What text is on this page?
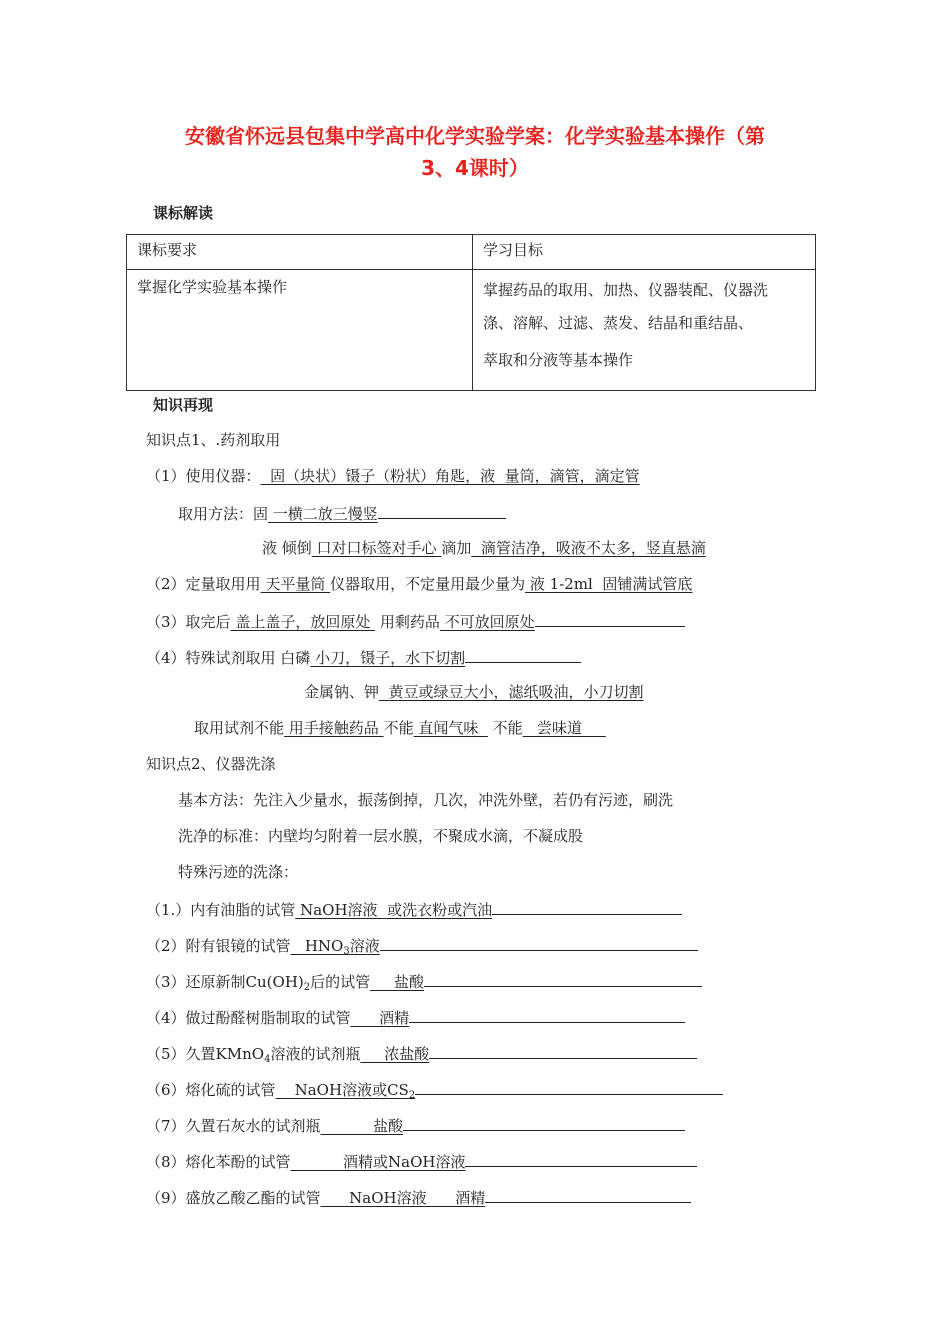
安徽省怀远县包集中学高中化学实验学案：化学实验基本操作（第
3、4课时）
课标解读
课标要求	学习目标
掌握化学实验基本操作	掌握药品的取用、加热、仪器装配、仪器洗
涤、溶解、过滤、蒸发、结晶和重结晶、
萃取和分液等基本操作
知识再现
知识点1、.药剂取用
（1）使用仪器：  固（块状）镊子（粉状）角匙，液  量筒，滴管，滴定管
取用方法：固 一横二放三慢竖
液 倾倒 口对口标签对手心 滴加  滴管洁净，吸液不太多，竖直悬滴
（2）定量取用用 天平量筒 仪器取用，不定量用最少量为 液 1-2ml  固铺满试管底
（3）取完后 盖上盖子，放回原处  用剩药品 不可放回原处
（4）特殊试剂取用 白磷 小刀，镊子，水下切割
金属钠、钾  黄豆或绿豆大小，滤纸吸油，小刀切割
取用试剂不能 用手接触药品 不能 直闻气味   不能   尝味道
知识点2、仪器洗涤
基本方法：先注入少量水，振荡倒掉，几次，冲洗外壁，若仍有污迹，刷洗
洗净的标准：内壁均匀附着一层水膜，不聚成水滴，不凝成股
特殊污迹的洗涤：
（1.）内有油脂的试管 NaOH溶液  或洗衣粉或汽油
（2）附有银镜的试管   $HNO_3$溶液
（3）还原新制$Cu(OH)_2$后的试管     盐酸
（4）做过酚醛树脂制取的试管      酒精
（5）久置KMnO$_4$溶液的试剂瓶     浓盐酸
（6）熔化硫的试管    NaOH溶液或$CS_2$
（7）久置石灰水的试剂瓶           盐酸
（8）熔化苯酚的试管           酒精或NaOH溶液
（9）盛放乙酸乙酯的试管      NaOH溶液      酒精
